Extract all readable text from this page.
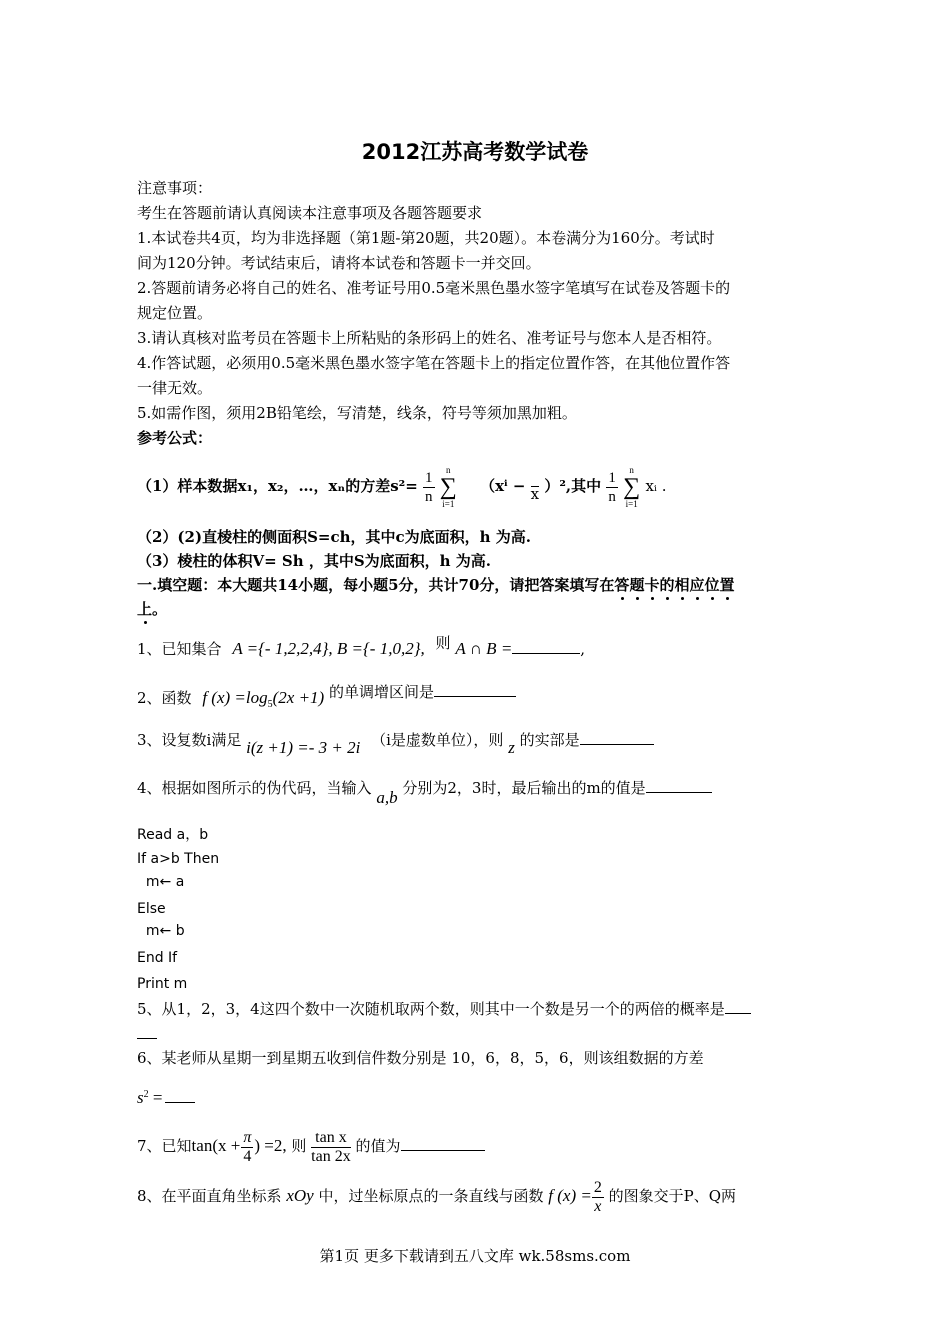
2012江苏高考数学试卷
注意事项：
考生在答题前请认真阅读本注意事项及各题答题要求
1.本试卷共4页，均为非选择题（第1题-第20题，共20题）。本卷满分为160分。考试时
间为120分钟。考试结束后，请将本试卷和答题卡一并交回。
2.答题前请务必将自己的姓名、准考证号用0.5毫米黑色墨水签字笔填写在试卷及答题卡的
规定位置。
3.请认真核对监考员在答题卡上所粘贴的条形码上的姓名、准考证号与您本人是否相符。
4.作答试题，必须用0.5毫米黑色墨水签字笔在答题卡上的指定位置作答，在其他位置作答
一律无效。
5.如需作图，须用2B铅笔绘，写清楚，线条，符号等须加黑加粗。
参考公式：
（1）样本数据x₁，x₂，…，xₙ的方差$s^2= \frac{1}{n}$
	n
∑
i=1
（xⁱ − x ）²,其中 $\frac{1}{n}$
	n
∑
i=1
xᵢ .
（2）(2)直棱柱的侧面积S=ch，其中c为底面积，h 为高.
（3）棱柱的体积V= Sh ，其中S为底面积，h 为高.
一.填空题：本大题共14小题，每小题5分，共计70分，请把答案填写在答题卡的相应位置
上。
1、已知集合 A ={- 1,2,2,4}, B ={- 1,0,2}, 则 A ∩ B =	,
2、函数 f $(x) =\log_5(2x +1)$ 的单调增区间是
3、设复数i满足 i(z +1) =- 3 + 2i （i是虚数单位），则 z 的实部是
4、根据如图所示的伪代码，当输入 a,b 分别为2，3时，最后输出的m的值是
Read a，b
If a>b Then
m← a
Else
m← b
End If
Print m
5、从1，2，3，4这四个数中一次随机取两个数，则其中一个数是另一个的两倍的概率是
6、某老师从星期一到星期五收到信件数分别是 10，6，8，5，6，则该组数据的方差
$s^2$ =
7、已知$\tan(x + \frac{\pi}{4}$ ) =2, 则 $\frac{\text{tan x}}{\tan 2x}$ 的值为
8、在平面直角坐标系 xOy 中，过坐标原点的一条直线与函数 f $(x) = \frac{2}{x}$ 的图象交于P、Q两
第1页 更多下载请到五八文库 wk.58sms.com
